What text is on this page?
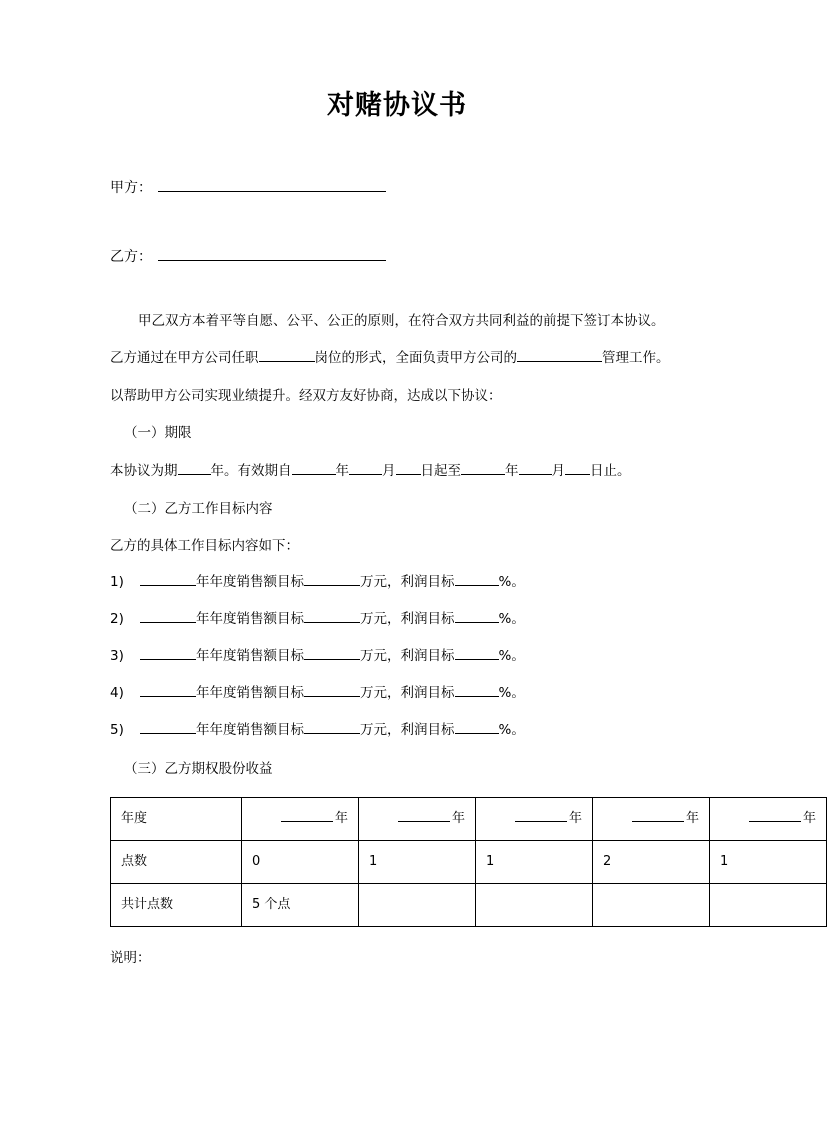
对赌协议书
甲方：
乙方：

甲乙双方本着平等自愿、公平、公正的原则，在符合双方共同利益的前提下签订本协议。

乙方通过在甲方公司任职	岗位的形式，全面负责甲方公司的	管理工作。

以帮助甲方公司实现业绩提升。经双方友好协商，达成以下协议：

（一）期限

本协议为期 年。有效期自	年 月 日起至	年 月 日止。

（二）乙方工作目标内容

乙方的具体工作目标内容如下：

1)	年年度销售额目标	万元，利润目标	%。
2)	年年度销售额目标	万元，利润目标	%。
3)	年年度销售额目标	万元，利润目标	%。
4)	年年度销售额目标	万元，利润目标	%。
5)	年年度销售额目标	万元，利润目标	%。

（三）乙方期权股份收益

年度	年	年	年	年	年
点数	0	1	1	2	1
共计点数	5 个点				

说明：
